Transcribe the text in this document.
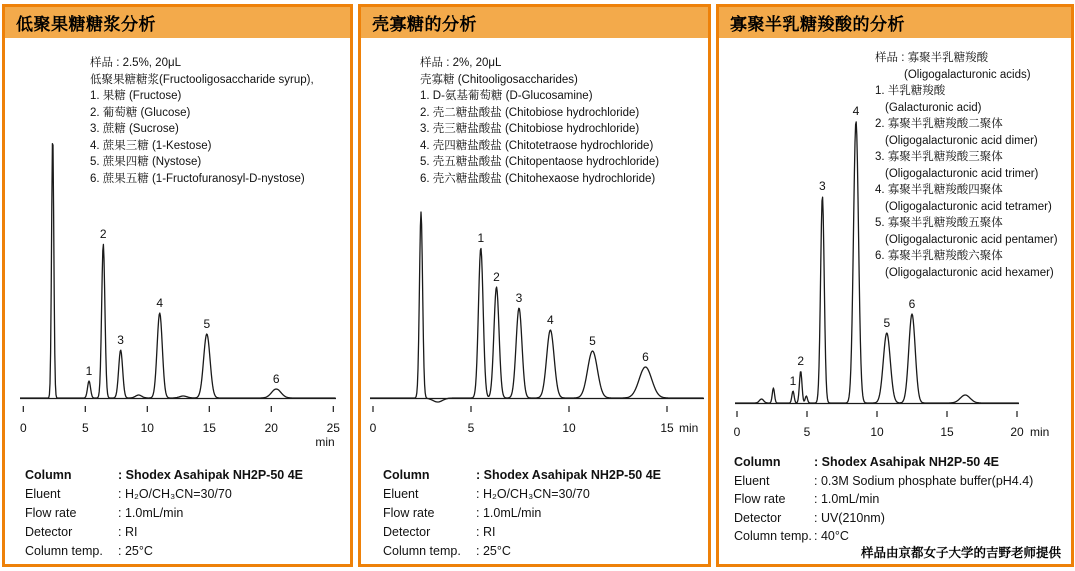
0	5	10	15	20	25
min
1
2
3
4
5
6
样品 : 2.5%, 20μL
低聚果糖糖浆(Fructooligosaccharide syrup),
1. 果糖 (Fructose)
2. 葡萄糖 (Glucose)
3. 蔗糖 (Sucrose)
4. 蔗果三糖 (1-Kestose)
5. 蔗果四糖 (Nystose)
6. 蔗果五糖 (1-Fructofuranosyl-D-nystose)
Column	: Shodex Asahipak NH2P-50 4E
Eluent	: H₂O/CH₃CN=30/70
Flow rate	: 1.0mL/min
Detector	: RI
Column temp.	: 25°C
低聚果糖糖浆分析
0	5	10	15 min
1
2
3
4
5
6
样品 : 2%, 20μL
壳寡糖 (Chitooligosaccharides)
1. D-氨基葡萄糖 (D-Glucosamine)
2. 壳二糖盐酸盐 (Chitobiose hydrochloride)
3. 壳三糖盐酸盐 (Chitobiose hydrochloride)
4. 壳四糖盐酸盐 (Chitotetraose hydrochloride)
5. 壳五糖盐酸盐 (Chitopentaose hydrochloride)
6. 壳六糖盐酸盐 (Chitohexaose hydrochloride)
Column	: Shodex Asahipak NH2P-50 4E
Eluent	: H₂O/CH₃CN=30/70
Flow rate	: 1.0mL/min
Detector	: RI
Column temp.	: 25°C
壳寡糖的分析
0	5	10	15	20 min
1
2
3
4
5
6
样品 : 寡聚半乳糖羧酸
(Oligogalacturonic acids)
1. 半乳糖羧酸
(Galacturonic acid)
2. 寡聚半乳糖羧酸二聚体
(Oligogalacturonic acid dimer)
3. 寡聚半乳糖羧酸三聚体
(Oligogalacturonic acid trimer)
4. 寡聚半乳糖羧酸四聚体
(Oligogalacturonic acid tetramer)
5. 寡聚半乳糖羧酸五聚体
(Oligogalacturonic acid pentamer)
6. 寡聚半乳糖羧酸六聚体
(Oligogalacturonic acid hexamer)
Column	: Shodex Asahipak NH2P-50 4E
Eluent	: 0.3M Sodium phosphate buffer(pH4.4)
Flow rate	: 1.0mL/min
Detector	: UV(210nm)
Column temp. : 40°C
样品由京都女子大学的吉野老师提供
寡聚半乳糖羧酸的分析
